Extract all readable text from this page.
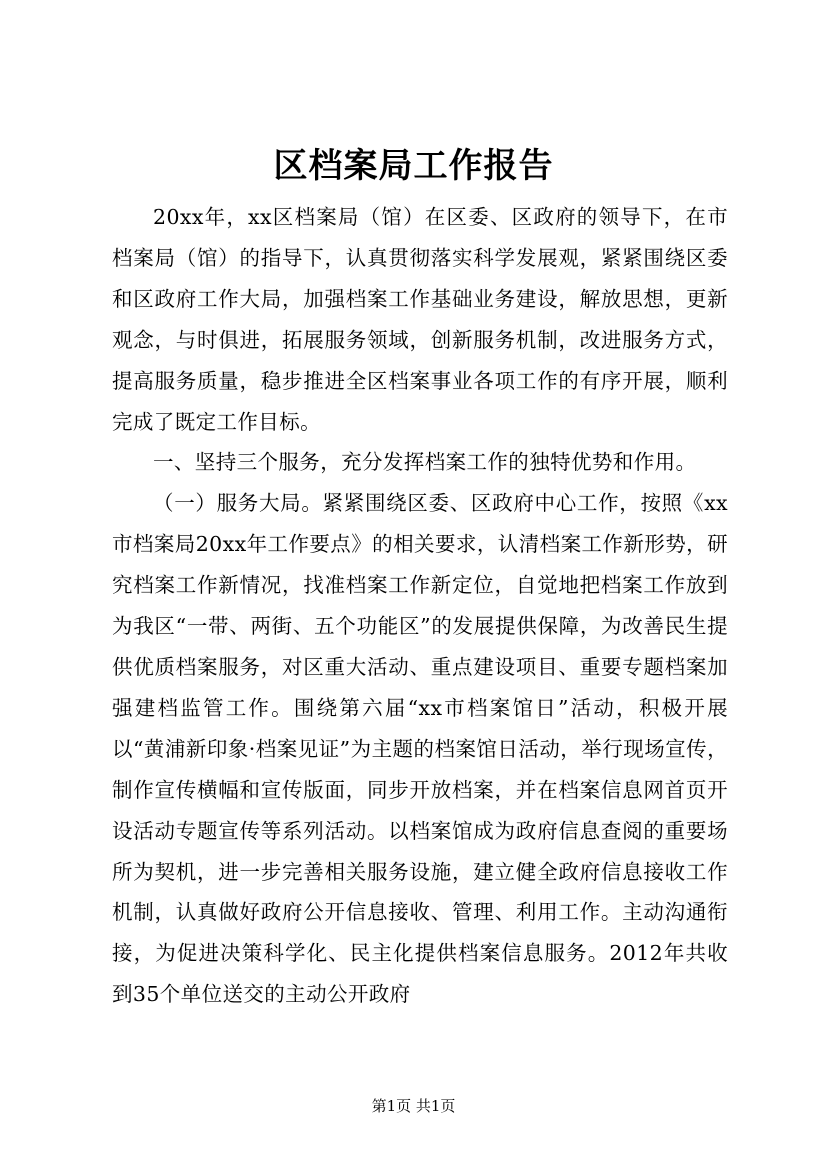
区档案局工作报告

20xx年，xx区档案局（馆）在区委、区政府的领导下，在市档案局（馆）的指导下，认真贯彻落实科学发展观，紧紧围绕区委和区政府工作大局，加强档案工作基础业务建设，解放思想，更新观念，与时俱进，拓展服务领域，创新服务机制，改进服务方式，提高服务质量，稳步推进全区档案事业各项工作的有序开展，顺利完成了既定工作目标。

一、坚持三个服务，充分发挥档案工作的独特优势和作用。

（一）服务大局。紧紧围绕区委、区政府中心工作，按照《xx市档案局20xx年工作要点》的相关要求，认清档案工作新形势，研究档案工作新情况，找准档案工作新定位，自觉地把档案工作放到为我区“一带、两街、五个功能区”的发展提供保障，为改善民生提供优质档案服务，对区重大活动、重点建设项目、重要专题档案加强建档监管工作。围绕第六届“xx市档案馆日”活动，积极开展以“黄浦新印象·档案见证”为主题的档案馆日活动，举行现场宣传，制作宣传横幅和宣传版面，同步开放档案，并在档案信息网首页开设活动专题宣传等系列活动。以档案馆成为政府信息查阅的重要场所为契机，进一步完善相关服务设施，建立健全政府信息接收工作机制，认真做好政府公开信息接收、管理、利用工作。主动沟通衔接，为促进决策科学化、民主化提供档案信息服务。2012年共收到35个单位送交的主动公开政府

第1页 共1页
